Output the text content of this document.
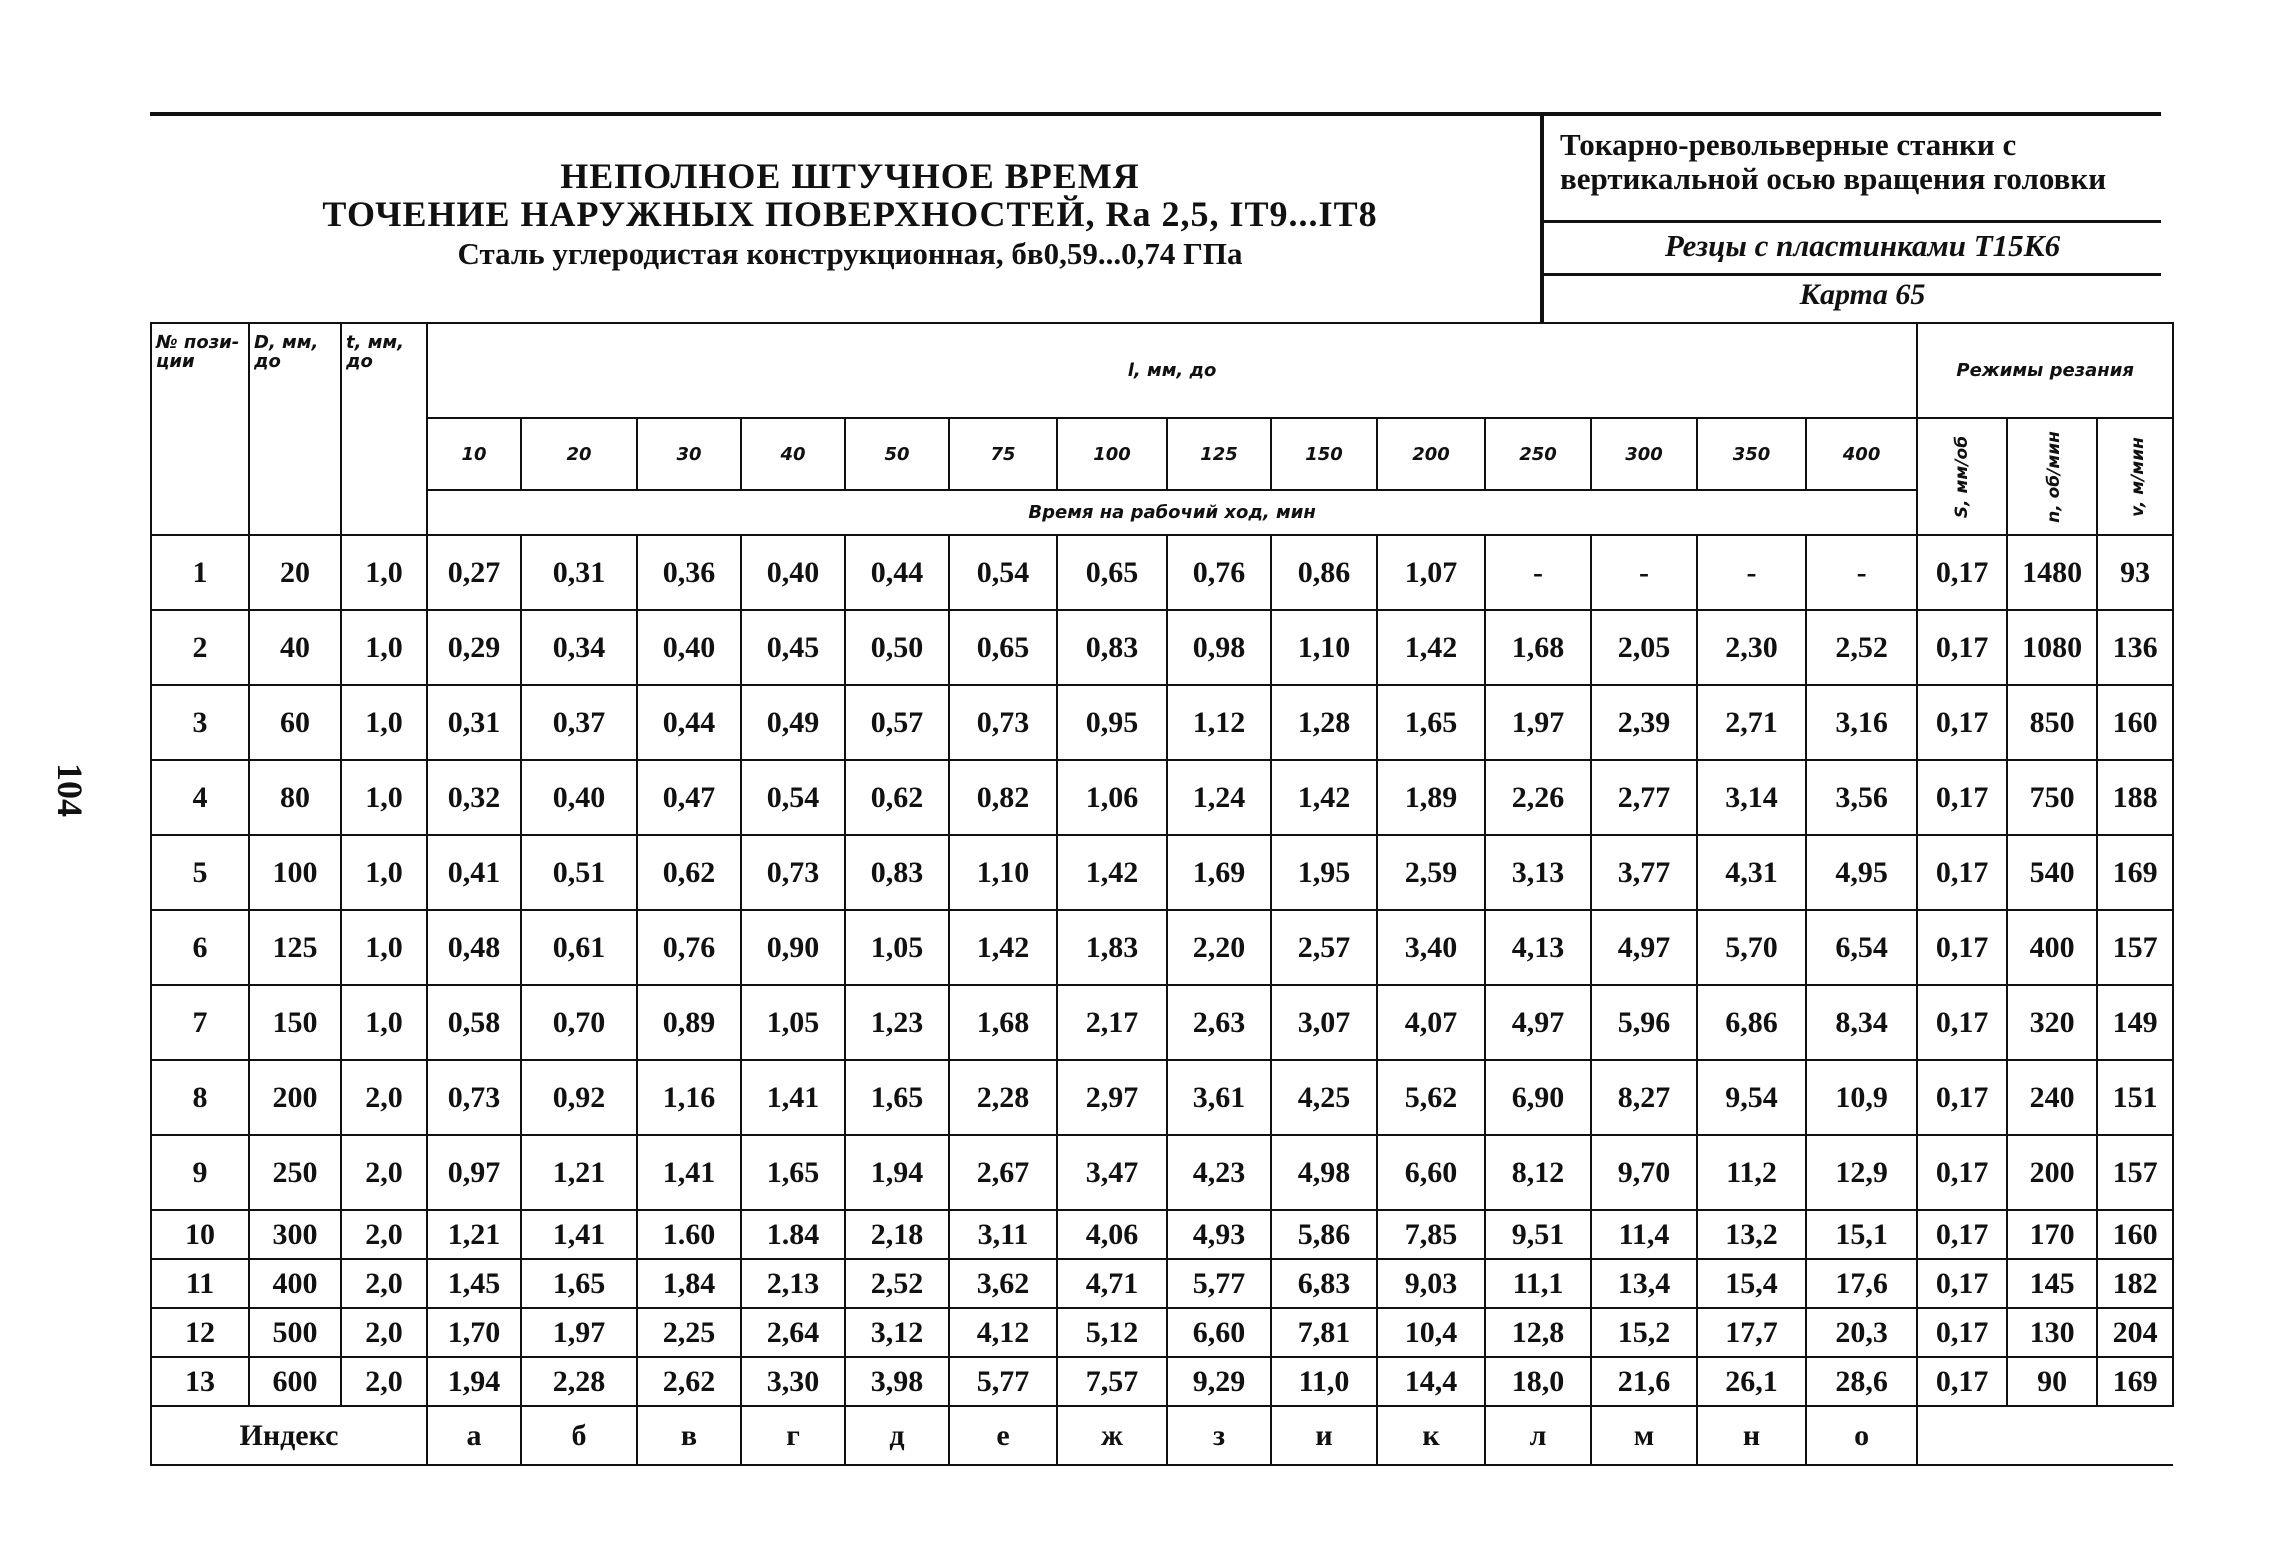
НЕПОЛНОЕ ШТУЧНОЕ ВРЕМЯ
ТОЧЕНИЕ НАРУЖНЫХ ПОВЕРХНОСТЕЙ, Ra 2,5, IT9...IT8
Сталь углеродистая конструкционная, бв0,59...0,74 ГПа
Токарно-револьверные станки с
вертикальной осью вращения головки
Резцы с пластинками Т15К6
Карта 65
104
№ пози-ции	D, мм, до	t, мм, до	l, мм, до														Режимы резания		
			10	20	30	40	50	75	100	125	150	200	250	300	350	400	S, мм/об	n, об/мин	v, м/мин
			Время на рабочий ход, мин																
1	20	1,0	0,27	0,31	0,36	0,40	0,44	0,54	0,65	0,76	0,86	1,07	-	-	-	-	0,17	1480	93
2	40	1,0	0,29	0,34	0,40	0,45	0,50	0,65	0,83	0,98	1,10	1,42	1,68	2,05	2,30	2,52	0,17	1080	136
3	60	1,0	0,31	0,37	0,44	0,49	0,57	0,73	0,95	1,12	1,28	1,65	1,97	2,39	2,71	3,16	0,17	850	160
4	80	1,0	0,32	0,40	0,47	0,54	0,62	0,82	1,06	1,24	1,42	1,89	2,26	2,77	3,14	3,56	0,17	750	188
5	100	1,0	0,41	0,51	0,62	0,73	0,83	1,10	1,42	1,69	1,95	2,59	3,13	3,77	4,31	4,95	0,17	540	169
6	125	1,0	0,48	0,61	0,76	0,90	1,05	1,42	1,83	2,20	2,57	3,40	4,13	4,97	5,70	6,54	0,17	400	157
7	150	1,0	0,58	0,70	0,89	1,05	1,23	1,68	2,17	2,63	3,07	4,07	4,97	5,96	6,86	8,34	0,17	320	149
8	200	2,0	0,73	0,92	1,16	1,41	1,65	2,28	2,97	3,61	4,25	5,62	6,90	8,27	9,54	10,9	0,17	240	151
9	250	2,0	0,97	1,21	1,41	1,65	1,94	2,67	3,47	4,23	4,98	6,60	8,12	9,70	11,2	12,9	0,17	200	157
10	300	2,0	1,21	1,41	1.60	1.84	2,18	3,11	4,06	4,93	5,86	7,85	9,51	11,4	13,2	15,1	0,17	170	160
11	400	2,0	1,45	1,65	1,84	2,13	2,52	3,62	4,71	5,77	6,83	9,03	11,1	13,4	15,4	17,6	0,17	145	182
12	500	2,0	1,70	1,97	2,25	2,64	3,12	4,12	5,12	6,60	7,81	10,4	12,8	15,2	17,7	20,3	0,17	130	204
13	600	2,0	1,94	2,28	2,62	3,30	3,98	5,77	7,57	9,29	11,0	14,4	18,0	21,6	26,1	28,6	0,17	90	169
Индекс			а	б	в	г	д	е	ж	з	и	к	л	м	н	о			
